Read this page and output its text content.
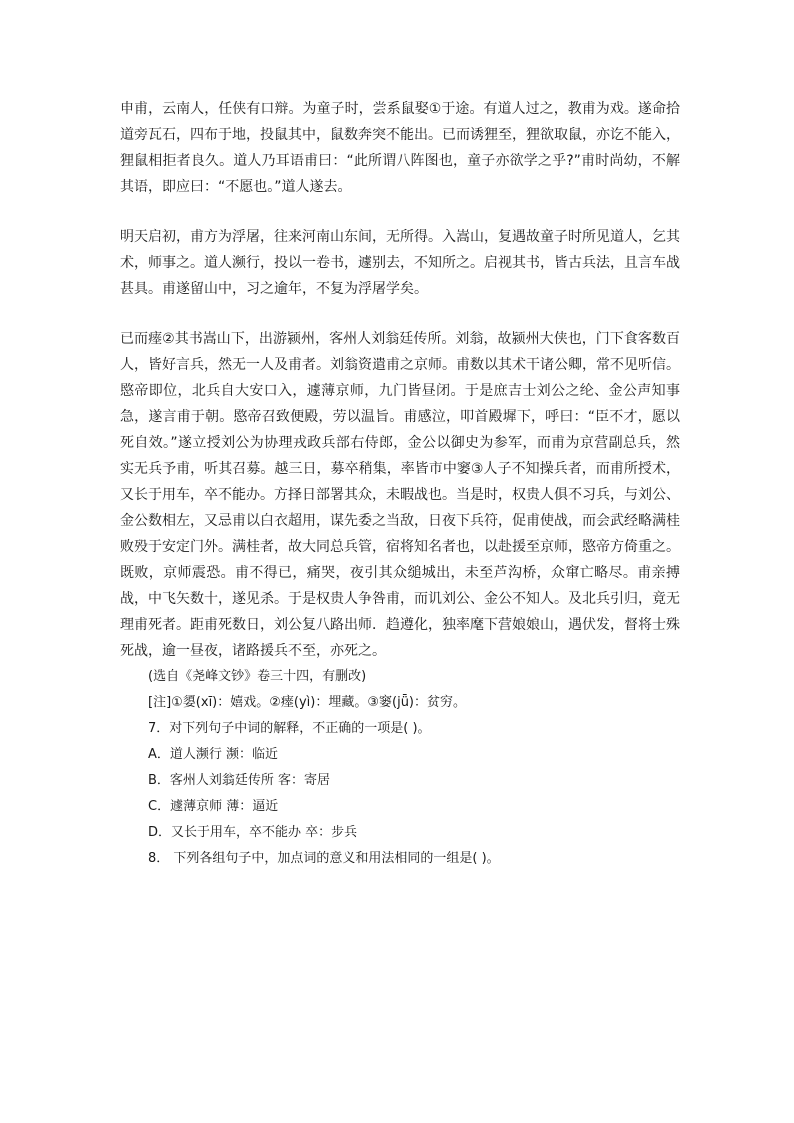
申甫，云南人，任侠有口辩。为童子时，尝系鼠娶①于途。有道人过之，教甫为戏。遂命拾道旁瓦石，四布于地，投鼠其中，鼠数奔突不能出。已而诱狸至，狸欲取鼠，亦讫不能入，狸鼠相拒者良久。道人乃耳语甫曰：“此所谓八阵图也，童子亦欲学之乎?”甫时尚幼，不解其语，即应曰：“不愿也。”道人遂去。

明天启初，甫方为浮屠，往来河南山东间，无所得。入嵩山，复遇故童子时所见道人，乞其术，师事之。道人濒行，投以一卷书，遽别去，不知所之。启视其书，皆古兵法，且言车战甚具。甫遂留山中，习之逾年，不复为浮屠学矣。

已而瘗②其书嵩山下，出游颍州，客州人刘翁廷传所。刘翁，故颍州大侠也，门下食客数百人，皆好言兵，然无一人及甫者。刘翁资遣甫之京师。甫数以其术干诸公卿，常不见听信。愍帝即位，北兵自大安口入，遽薄京师，九门皆昼闭。于是庶吉士刘公之纶、金公声知事急，遂言甫于朝。愍帝召致便殿，劳以温旨。甫感泣，叩首殿墀下，呼曰：“臣不才，愿以死自效。”遂立授刘公为协理戎政兵部右侍郎，金公以御史为参军，而甫为京营副总兵，然实无兵予甫，听其召募。越三日，募卒稍集，率皆市中窭③人子不知操兵者，而甫所授术，又长于用车，卒不能办。方择日部署其众，未暇战也。当是时，权贵人俱不习兵，与刘公、金公数相左，又忌甫以白衣超用，谋先委之当敌，日夜下兵符，促甫使战，而会武经略满桂败殁于安定门外。满桂者，故大同总兵管，宿将知名者也，以赴援至京师，愍帝方倚重之。既败，京师震恐。甫不得已，痛哭，夜引其众缒城出，未至芦沟桥，众窜亡略尽。甫亲搏战，中飞矢数十，遂见杀。于是权贵人争咎甫，而讥刘公、金公不知人。及北兵引归，竟无理甫死者。距甫死数日，刘公复八路出师．趋遵化，独率麾下营娘娘山，遇伏发，督将士殊死战，逾一昼夜，诸路援兵不至，亦死之。

(选自《尧峰文钞》卷三十四，有删改)

[注]①嬃(xī)：嬉戏。②瘗(yì)：埋藏。③窭(jǖ)：贫穷。

7．对下列句子中词的解释，不正确的一项是( )。

A．道人濒行 濒：临近

B．客州人刘翁廷传所 客：寄居

C．遽薄京师 薄：逼近

D．又长于用车，卒不能办 卒：步兵

8． 下列各组句子中，加点词的意义和用法相同的一组是( )。
